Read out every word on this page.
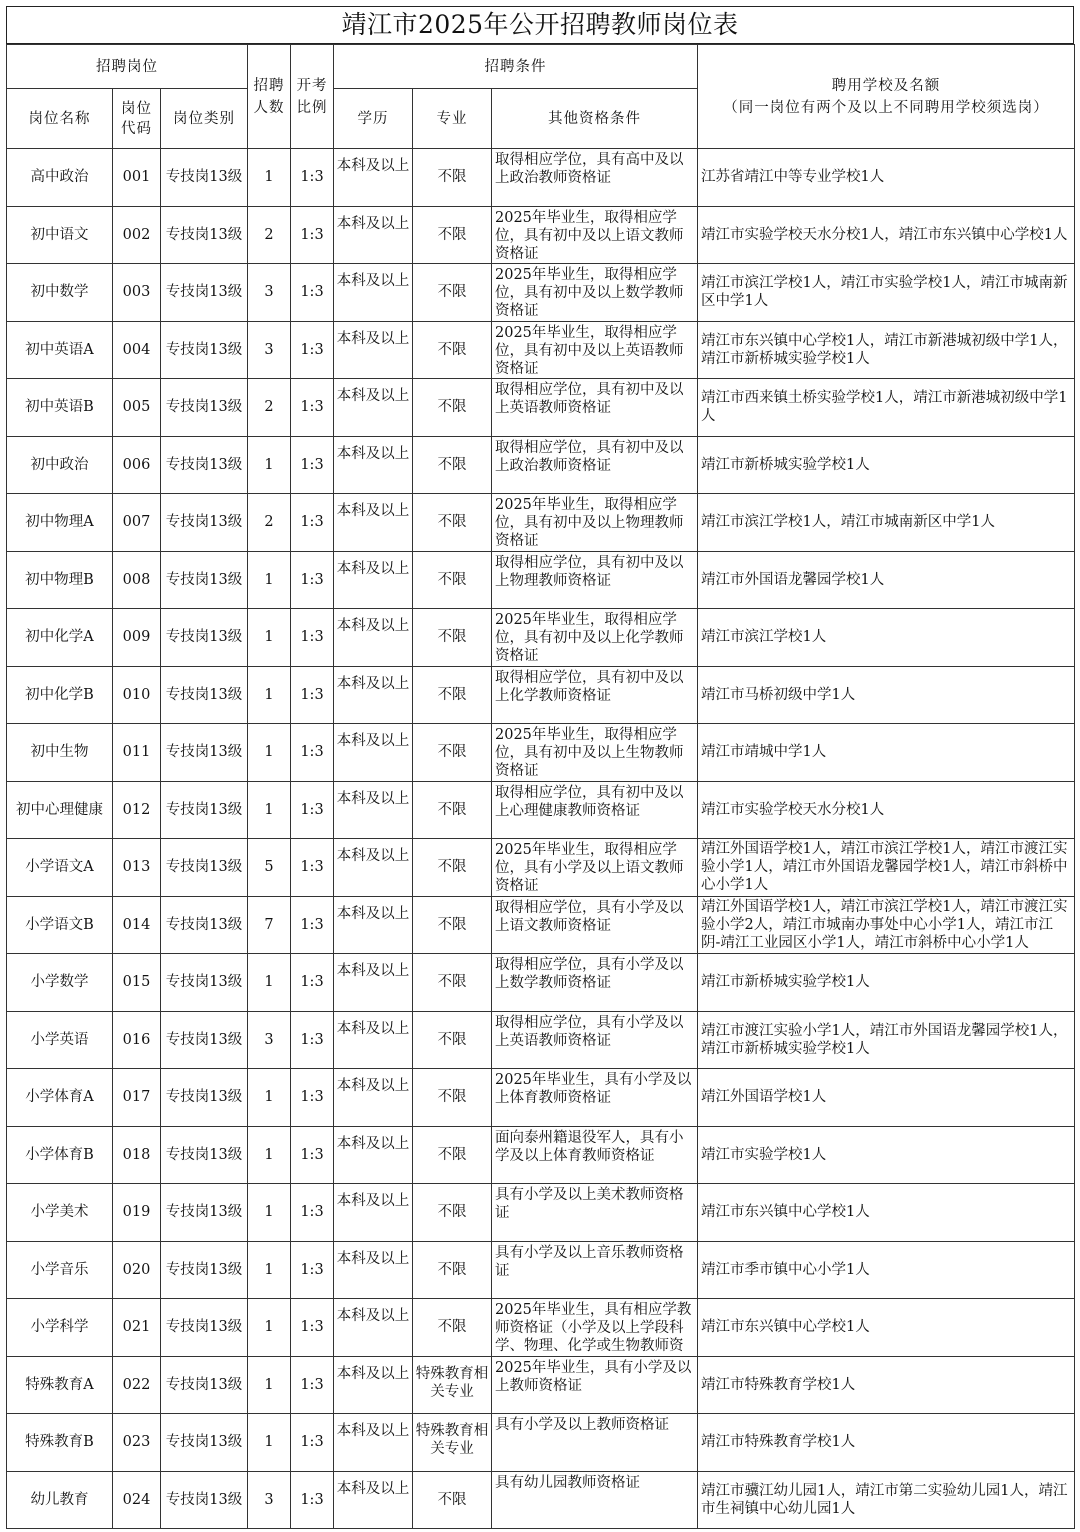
靖江市2025年公开招聘教师岗位表
招聘岗位			招聘人数	开考比例	招聘条件			聘用学校及名额
（同一岗位有两个及以上不同聘用学校须选岗）
岗位名称	岗位代码	岗位类别			学历	专业	其他资格条件	
高中政治	001	专技岗13级	1	1:3	本科及以上	不限	取得相应学位，具有高中及以上政治教师资格证	江苏省靖江中等专业学校1人
初中语文	002	专技岗13级	2	1:3	本科及以上	不限	2025年毕业生，取得相应学位，具有初中及以上语文教师资格证	靖江市实验学校天水分校1人，靖江市东兴镇中心学校1人
初中数学	003	专技岗13级	3	1:3	本科及以上	不限	2025年毕业生，取得相应学位，具有初中及以上数学教师资格证	靖江市滨江学校1人，靖江市实验学校1人，靖江市城南新区中学1人
初中英语A	004	专技岗13级	3	1:3	本科及以上	不限	2025年毕业生，取得相应学位，具有初中及以上英语教师资格证	靖江市东兴镇中心学校1人，靖江市新港城初级中学1人，靖江市新桥城实验学校1人
初中英语B	005	专技岗13级	2	1:3	本科及以上	不限	取得相应学位，具有初中及以上英语教师资格证	靖江市西来镇土桥实验学校1人，靖江市新港城初级中学1人
初中政治	006	专技岗13级	1	1:3	本科及以上	不限	取得相应学位，具有初中及以上政治教师资格证	靖江市新桥城实验学校1人
初中物理A	007	专技岗13级	2	1:3	本科及以上	不限	2025年毕业生，取得相应学位，具有初中及以上物理教师资格证	靖江市滨江学校1人，靖江市城南新区中学1人
初中物理B	008	专技岗13级	1	1:3	本科及以上	不限	取得相应学位，具有初中及以上物理教师资格证	靖江市外国语龙馨园学校1人
初中化学A	009	专技岗13级	1	1:3	本科及以上	不限	2025年毕业生，取得相应学位，具有初中及以上化学教师资格证	靖江市滨江学校1人
初中化学B	010	专技岗13级	1	1:3	本科及以上	不限	取得相应学位，具有初中及以上化学教师资格证	靖江市马桥初级中学1人
初中生物	011	专技岗13级	1	1:3	本科及以上	不限	2025年毕业生，取得相应学位，具有初中及以上生物教师资格证	靖江市靖城中学1人
初中心理健康	012	专技岗13级	1	1:3	本科及以上	不限	取得相应学位，具有初中及以上心理健康教师资格证	靖江市实验学校天水分校1人
小学语文A	013	专技岗13级	5	1:3	本科及以上	不限	2025年毕业生，取得相应学位，具有小学及以上语文教师资格证	靖江外国语学校1人，靖江市滨江学校1人，靖江市渡江实验小学1人，靖江市外国语龙馨园学校1人，靖江市斜桥中心小学1人
小学语文B	014	专技岗13级	7	1:3	本科及以上	不限	取得相应学位，具有小学及以上语文教师资格证	靖江外国语学校1人，靖江市滨江学校1人，靖江市渡江实验小学2人，靖江市城南办事处中心小学1人，靖江市江阴-靖江工业园区小学1人，靖江市斜桥中心小学1人
小学数学	015	专技岗13级	1	1:3	本科及以上	不限	取得相应学位，具有小学及以上数学教师资格证	靖江市新桥城实验学校1人
小学英语	016	专技岗13级	3	1:3	本科及以上	不限	取得相应学位，具有小学及以上英语教师资格证	靖江市渡江实验小学1人，靖江市外国语龙馨园学校1人，靖江市新桥城实验学校1人
小学体育A	017	专技岗13级	1	1:3	本科及以上	不限	2025年毕业生，具有小学及以上体育教师资格证	靖江外国语学校1人
小学体育B	018	专技岗13级	1	1:3	本科及以上	不限	面向泰州籍退役军人，具有小学及以上体育教师资格证	靖江市实验学校1人
小学美术	019	专技岗13级	1	1:3	本科及以上	不限	具有小学及以上美术教师资格证	靖江市东兴镇中心学校1人
小学音乐	020	专技岗13级	1	1:3	本科及以上	不限	具有小学及以上音乐教师资格证	靖江市季市镇中心小学1人
小学科学	021	专技岗13级	1	1:3	本科及以上	不限	2025年毕业生，具有相应学教师资格证（小学及以上学段科学、物理、化学或生物教师资	靖江市东兴镇中心学校1人
特殊教育A	022	专技岗13级	1	1:3	本科及以上	特殊教育相关专业	2025年毕业生，具有小学及以上教师资格证	靖江市特殊教育学校1人
特殊教育B	023	专技岗13级	1	1:3	本科及以上	特殊教育相关专业	具有小学及以上教师资格证	靖江市特殊教育学校1人
幼儿教育	024	专技岗13级	3	1:3	本科及以上	不限	具有幼儿园教师资格证	靖江市骥江幼儿园1人，靖江市第二实验幼儿园1人，靖江市生祠镇中心幼儿园1人
